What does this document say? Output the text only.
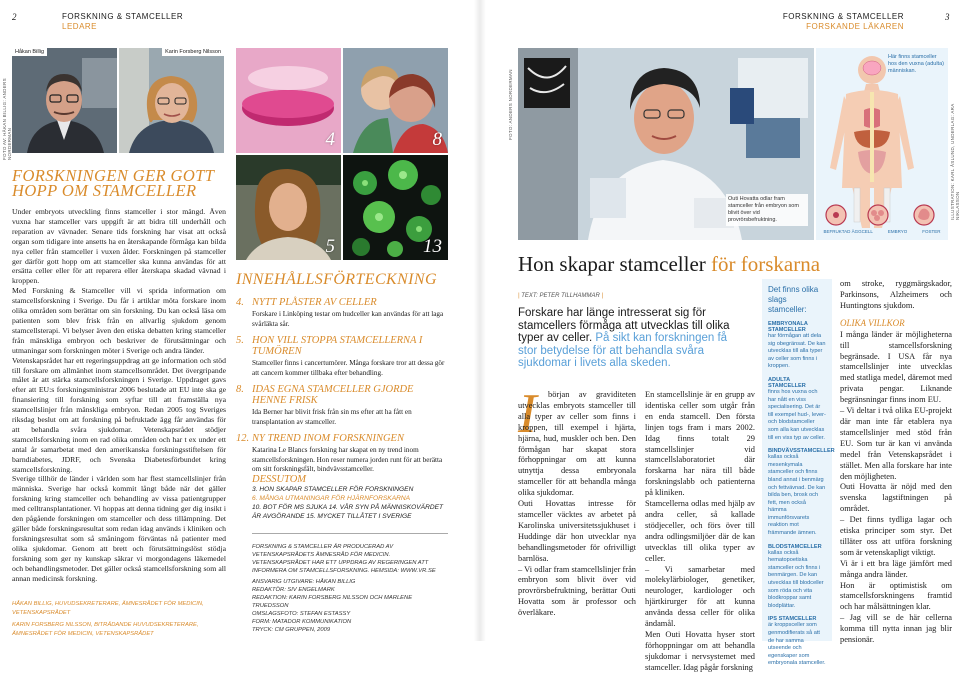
2	FORSKNING & STAMCELLER
LEDARE
FOTO AV: HÅKAN BILLIG: ANDERS NORDERMAN
Håkan Billig	Karin Forsberg Nilsson
FORSKNINGEN GER GOTT HOPP OM STAMCELLER
Under embryots utveckling finns stamceller i stor mängd. Även vuxna har stamceller vars uppgift är att bidra till underhåll och reparation av vävnader. Senare tids forskning har visat att också organ som tidigare inte ansetts ha en återskapande förmåga kan bilda nya celler från stamceller i vuxen ålder. Forskningen på stamceller ger därför gott hopp om att stamceller ska kunna användas för att ersätta celler eller för att reparera eller återskapa skadad vävnad i kroppen.
Med Forskning & Stamceller vill vi sprida information om stamcellsforskning i Sverige. Du får i artiklar möta forskare inom olika områden som berättar om sin forskning. Du kan också läsa om patienten som blev frisk från en allvarlig sjukdom genom stamcellsterapi. Vi belyser även den etiska debatten kring stamceller från mänskliga embryon och beskriver de förutsättningar och utmaningar som forskningen möter i Sverige och andra länder.
Vetenskapsrådet har ett regeringsuppdrag att ge information och stöd till forskare om allmänhet inom stamcellsområdet. Det övergripande målet är att stärka stamcellsforskningen i Sverige. Uppdraget gavs efter att EU:s forskningsministrar 2006 beslutade att EU inte ska ge finansiering till forskning som syftar till att framställa nya stamcellslinjer från mänskliga embryon. Redan 2005 tog Sveriges riksdag beslut om att forskning på befruktade ägg får användas för att behandla svåra sjukdomar. Vetenskapsrådet stödjer stamcellsforskning inom en rad olika områden och har t ex under ett antal år samarbetat med den amerikanska forskningsstiftelsen för barndiabetes, JDRF, och Svenska Diabetesförbundet kring stamcellsforskning.
Sverige tillhör de länder i världen som har flest stamcellslinjer från människa. Sverige har också kommit långt både när det gäller forskning kring stamceller och behandling av vissa patientgrupper med celltransplantationer. Vi hoppas att denna tidning ger dig insikt i den pågående forskningen om stamceller och dess tillämpning. Det gäller både forskningsresultat som redan idag används i kliniken och forskningsresultat som så småningom förväntas nå patienter med olika sjukdomar. Genom att brett och förutsättningslöst stödja forskning som ger ny kunskap säkrar vi morgondagens läkemedel och behandlingsmetoder. Det gäller också stamcellsforskning som all annan medicinsk forskning.
HÅKAN BILLIG, HUVUDSEKRETERARE, ÄMNESRÅDET FÖR MEDICIN, VETENSKAPSRÅDET
KARIN FORSBERG NILSSON, BITRÄDANDE HUVUDSEKRETERARE, ÄMNESRÅDET FÖR MEDICIN, VETENSKAPSRÅDET
4	8
5	13
INNEHÅLLSFÖRTECKNING
4. NYTT PLÅSTER AV CELLER
Forskare i Linköping testar om hudceller kan användas för att laga svårläkta sår.
5. HON VILL STOPPA STAMCELLERNA I TUMÖREN
Stamceller finns i cancertumörer. Många forskare tror att dessa gör att cancern kommer tillbaka efter behandling.
8. IDAS EGNA STAMCELLER GJORDE HENNE FRISK
Ida Berner har blivit frisk från sin ms efter att ha fått en transplantation av stamceller.
12. NY TREND INOM FORSKNINGEN
Katarina Le Blancs forskning har skapat en ny trend inom stamcellsforskningen. Hon reser numera jorden runt för att berätta om sitt forskningsfält, bindvävsstamceller.
DESSUTOM
3. HON SKAPAR STAMCELLER FÖR FORSKNINGEN
6. MÅNGA UTMANINGAR FÖR HJÄRNFORSKARNA
10. BOT FÖR MS SJUKA 14. VÅR SYN PÅ MÄNNISKOVÄRDET ÄR AVGÖRANDE 15. MYCKET TILLÅTET I SVERIGE
FORSKNING & STAMCELLER ÄR PRODUCERAD AV VETENSKAPSRÅDETS ÄMNESRÅD FÖR MEDICIN. VETENSKAPSRÅDET HAR ETT UPPDRAG AV REGERINGEN ATT INFORMERA OM STAMCELLSFORSKNING. HEMSIDA: WWW.VR.SE
ANSVARIG UTGIVARE: HÅKAN BILLIG
REDAKTÖR: SIV ENGELMARK
REDAKTION: KARIN FORSBERG NILSSON OCH MARLENE TRUEDSSON
OMSLAGSFOTO: STEFAN ESTASSY
FORM: MATADOR KOMMUNIKATION
TRYCK: CM GRUPPEN, 2009
FORSKNING & STAMCELLER
FORSKANDE LÄKAREN
3
FOTO: ANDERS NORDERMAN
Outi Hovatta odlar fram stamceller från embryon som blivit över vid provrörsbefruktning.
Här finns stamceller hos den vuxna (adulta) människan.
BEFRUKTAD ÄGGCELL	EMBRYO	FOSTER
ILLUSTRATION: KARL ÅSLUND, UNDERLAG: ARA NIKLASSON
Hon skapar stamceller för forskarna
| TEXT: PETER TILLHAMMAR |
Forskare har länge intresserat sig för stamcellers förmåga att utvecklas till olika typer av celler. På sikt kan forskningen få stor betydelse för att behandla svåra sjukdomar i livets alla skeden.
I	början av graviditeten utvecklas embryots stamceller till alla typer av celler som finns i kroppen, till exempel i hjärta, hjärna, hud, muskler och ben. Den förmågan har skapat stora förhoppningar om att kunna utnyttja dessa embryonala stamceller för att behandla många olika sjukdomar.
Outi Hovattas intresse för stamceller väcktes av arbetet på Karolinska universitetssjukhuset i Huddinge där hon utvecklar nya behandlingsmetoder för ofrivilligt barnlösa.
– Vi odlar fram stamcellslinjer från embryon som blivit över vid provrörsbefruktning, berättar Outi Hovatta som är professor och överläkare.
En stamcellslinje är en grupp av identiska celler som utgår från en enda stamcell. Den första linjen togs fram i mars 2002. Idag finns totalt 29 stamcellslinjer vid stamcellslaboratoriet där forskarna har nära till både forskningslabb och patienterna på kliniken.
Stamcellerna odlas med hjälp av andra celler, så kallade stödjeceller, och förs över till andra odlingsmiljöer där de kan utvecklas till olika typer av celler.
– Vi samarbetar med molekylärbiologer, genetiker, neurologer, kardiologer och hjärtkirurger för att kunna använda dessa celler för olika ändamål.
Men Outi Hovatta hyser stort förhoppningar om att behandla sjukdomar i nervsystemet med stamceller. Idag pågår forskning
Det finns olika slags stamceller:
EMBRYONALA STAMCELLER
har förmågan att dela sig obegränsat. De kan utvecklas till alla typer av celler som finns i kroppen.
ADULTA STAMCELLER
finns hos vuxna och har nått en viss specialisering. Det är till exempel hud-, lever- och blodstamceller som alla kan utvecklas till en viss typ av celler.
BINDVÄVSSTAMCELLER
kallas också mesenkymala stamceller och finns bland annat i benmärg och fettvävnad. De kan bilda ben, brosk och fett, men också hämma immunförsvarets reaktion mot främmande ämnen.
BLODSTAMCELLER
kallas också hematopoetiska stamceller och finns i benmärgen. De kan utvecklas till blodceller som röda och vita blodkroppar samt blodplättar.
IPS STAMCELLER
är kroppsceller som genmodifierats så att de har samma utseende och egenskaper som embryonala stamceller.
om stroke, ryggmärgskador, Parkinsons, Alzheimers och Huntingtons sjukdom.
OLIKA VILLKOR
I många länder är möjligheterna till stamcellsforskning begränsade. I USA får nya stamcellslinjer inte utvecklas med statliga medel, däremot med privata pengar. Liknande begränsningar finns inom EU.
– Vi deltar i två olika EU-projekt där man inte får etablera nya stamcellslinjer med stöd från EU. Som tur är kan vi använda medel från Vetenskapsrådet i stället. Men alla forskare har inte den möjligheten.
Outi Hovatta är nöjd med den svenska lagstiftningen på området.
– Det finns tydliga lagar och etiska principer som styr. Det tilläter oss att utföra forskning som är vetenskapligt viktigt.
Vi är i ett bra läge jämfört med många andra länder.
Hon är optimistisk om stamcellsforskningens framtid och har målsättningen klar.
– Jag vill se de här cellerna komma till nytta innan jag blir pensionär.
